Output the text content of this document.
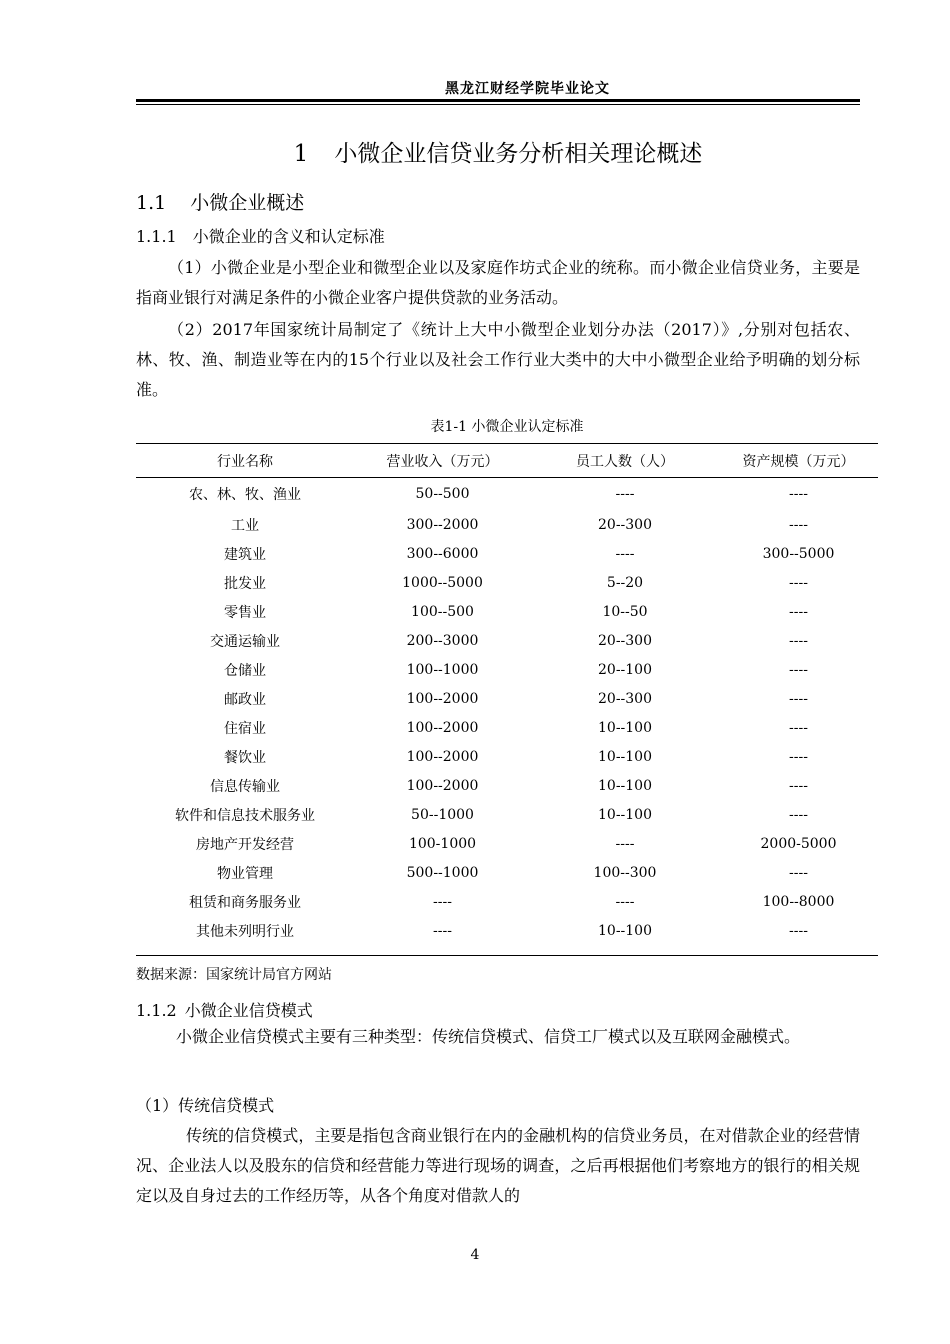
黑龙江财经学院毕业论文
1 小微企业信贷业务分析相关理论概述
1.1 小微企业概述
1.1.1 小微企业的含义和认定标准
（1）小微企业是小型企业和微型企业以及家庭作坊式企业的统称。而小微企业信贷业务，主要是指商业银行对满足条件的小微企业客户提供贷款的业务活动。
（2）2017年国家统计局制定了《统计上大中小微型企业划分办法（2017）》,分别对包括农、林、牧、渔、制造业等在内的15个行业以及社会工作行业大类中的大中小微型企业给予明确的划分标准。
表1-1 小微企业认定标准
行业名称	营业收入（万元）	员工人数（人）	资产规模（万元）
农、林、牧、渔业	50--500	----	----
工业	300--2000	20--300	----
建筑业	300--6000	----	300--5000
批发业	1000--5000	5--20	----
零售业	100--500	10--50	----
交通运输业	200--3000	20--300	----
仓储业	100--1000	20--100	----
邮政业	100--2000	20--300	----
住宿业	100--2000	10--100	----
餐饮业	100--2000	10--100	----
信息传输业	100--2000	10--100	----
软件和信息技术服务业	50--1000	10--100	----
房地产开发经营	100-1000	----	2000-5000
物业管理	500--1000	100--300	----
租赁和商务服务业	----	----	100--8000
其他未列明行业	----	10--100	----
数据来源：国家统计局官方网站
1.1.2 小微企业信贷模式
小微企业信贷模式主要有三种类型：传统信贷模式、信贷工厂模式以及互联网金融模式。
（1）传统信贷模式
传统的信贷模式，主要是指包含商业银行在内的金融机构的信贷业务员，在对借款企业的经营情况、企业法人以及股东的信贷和经营能力等进行现场的调查，之后再根据他们考察地方的银行的相关规定以及自身过去的工作经历等，从各个角度对借款人的
4
